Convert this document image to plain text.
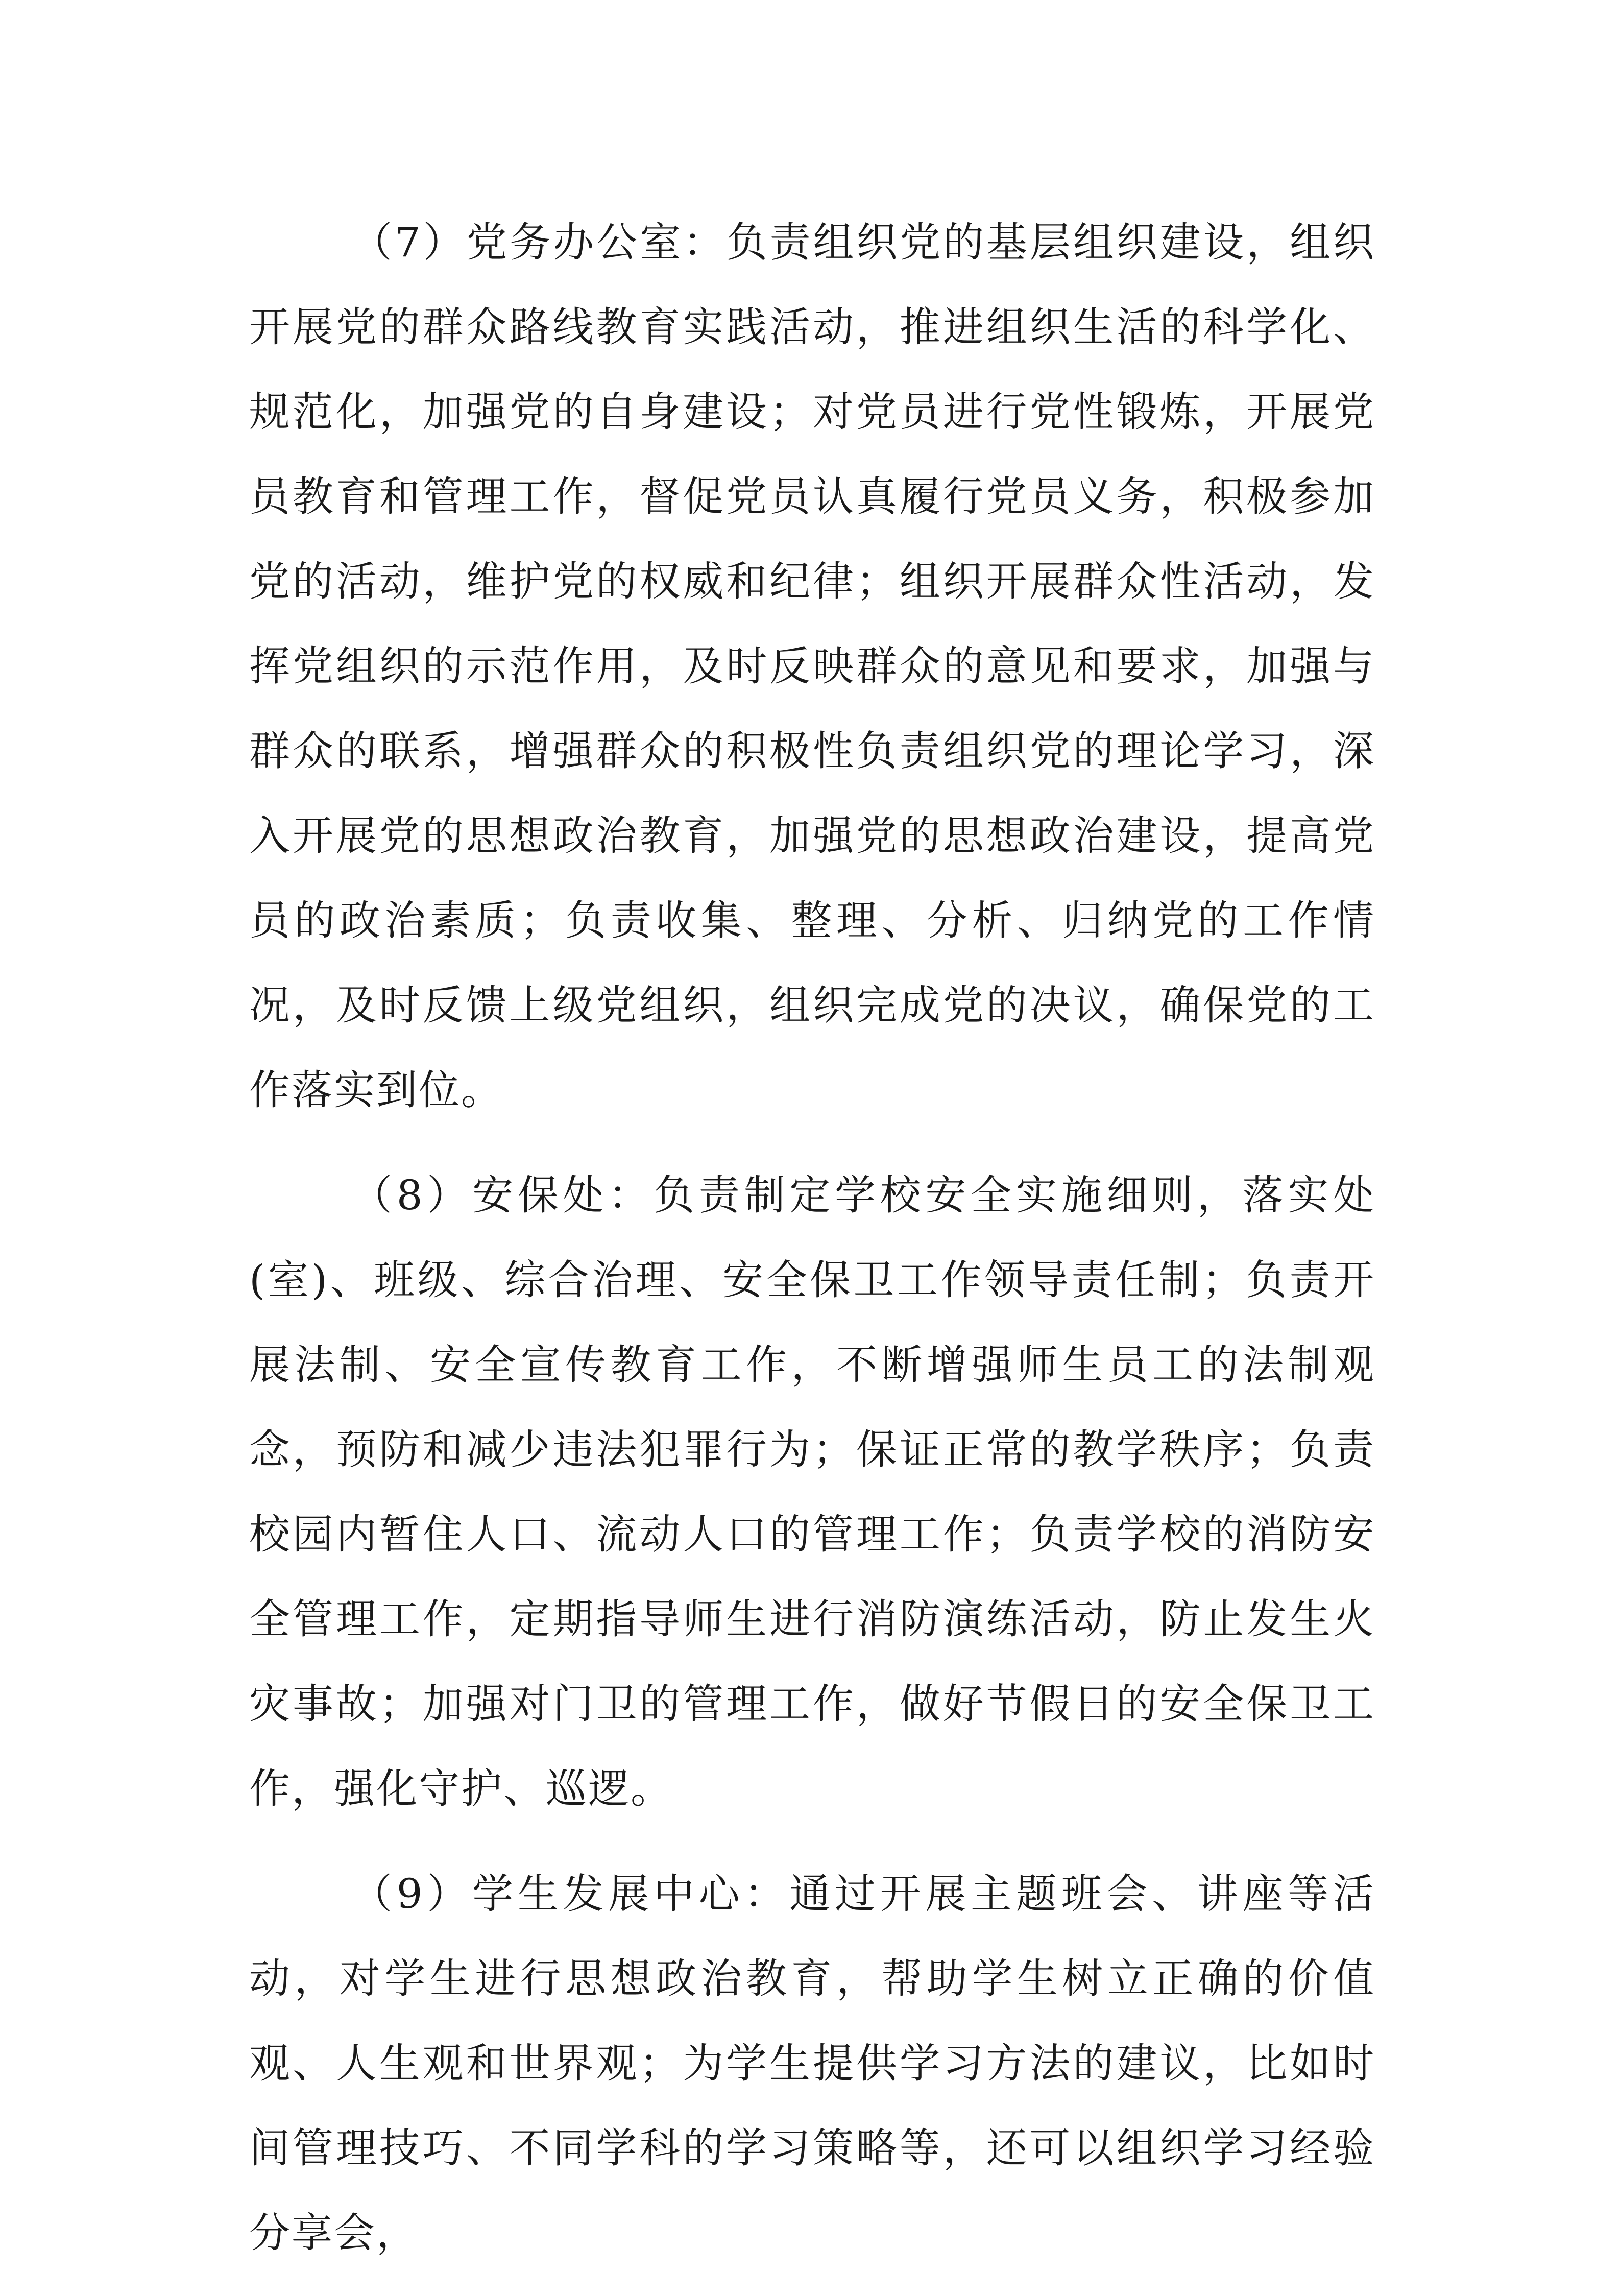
（7）党务办公室：负责组织党的基层组织建设，组织开展党的群众路线教育实践活动，推进组织生活的科学化、规范化，加强党的自身建设；对党员进行党性锻炼，开展党员教育和管理工作，督促党员认真履行党员义务，积极参加党的活动，维护党的权威和纪律；组织开展群众性活动，发挥党组织的示范作用，及时反映群众的意见和要求，加强与群众的联系，增强群众的积极性负责组织党的理论学习，深入开展党的思想政治教育，加强党的思想政治建设，提高党员的政治素质；负责收集、整理、分析、归纳党的工作情况，及时反馈上级党组织，组织完成党的决议，确保党的工作落实到位。

（8）安保处：负责制定学校安全实施细则，落实处(室)、班级、综合治理、安全保卫工作领导责任制；负责开展法制、安全宣传教育工作，不断增强师生员工的法制观念，预防和减少违法犯罪行为；保证正常的教学秩序；负责校园内暂住人口、流动人口的管理工作；负责学校的消防安全管理工作，定期指导师生进行消防演练活动，防止发生火灾事故；加强对门卫的管理工作，做好节假日的安全保卫工作，强化守护、巡逻。

（9）学生发展中心：通过开展主题班会、讲座等活动，对学生进行思想政治教育，帮助学生树立正确的价值观、人生观和世界观；为学生提供学习方法的建议，比如时间管理技巧、不同学科的学习策略等，还可以组织学习经验分享会，
